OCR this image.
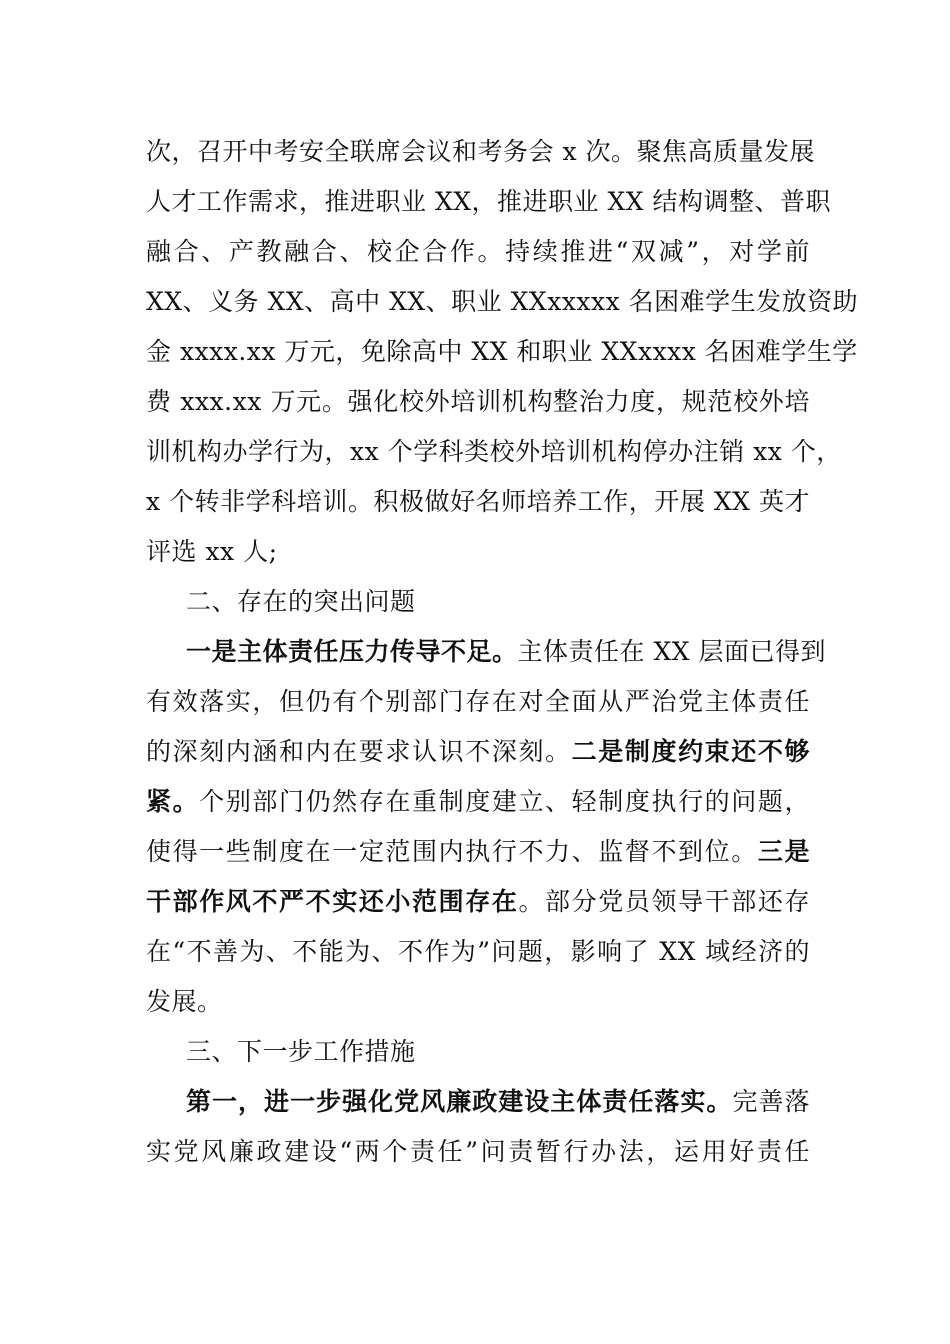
次，召开中考安全联席会议和考务会 x 次。聚焦高质量发展
人才工作需求，推进职业 XX，推进职业 XX 结构调整、普职
融合、产教融合、校企合作。持续推进“双减”，对学前
XX、义务 XX、高中 XX、职业 XXxxxxx 名困难学生发放资助
金 xxxx.xx 万元，免除高中 XX 和职业 XXxxxx 名困难学生学
费 xxx.xx 万元。强化校外培训机构整治力度，规范校外培
训机构办学行为，xx 个学科类校外培训机构停办注销 xx 个，
x 个转非学科培训。积极做好名师培养工作，开展 XX 英才
评选 xx 人;
二、存在的突出问题
一是主体责任压力传导不足。主体责任在 XX 层面已得到
有效落实，但仍有个别部门存在对全面从严治党主体责任
的深刻内涵和内在要求认识不深刻。二是制度约束还不够
紧。个别部门仍然存在重制度建立、轻制度执行的问题，
使得一些制度在一定范围内执行不力、监督不到位。三是
干部作风不严不实还小范围存在。部分党员领导干部还存
在“不善为、不能为、不作为”问题，影响了 XX 域经济的
发展。
三、下一步工作措施
第一，进一步强化党风廉政建设主体责任落实。完善落
实党风廉政建设“两个责任”问责暂行办法，运用好责任
